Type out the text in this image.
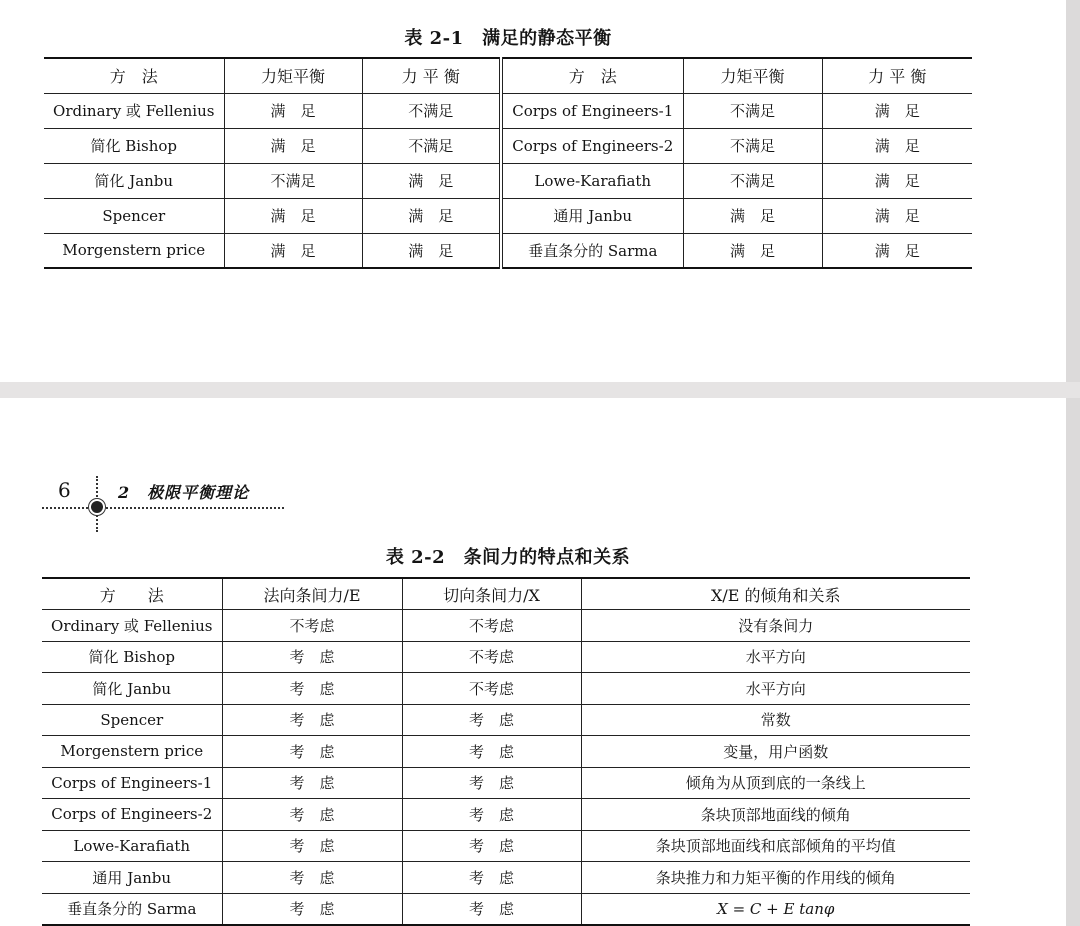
表 2-1　满足的静态平衡
方　法	力矩平衡	力 平 衡	方　法	力矩平衡	力 平 衡
Ordinary 或 Fellenius	满　足	不满足	Corps of Engineers-1	不满足	满　足
简化 Bishop	满　足	不满足	Corps of Engineers-2	不满足	满　足
简化 Janbu	不满足	满　足	Lowe-Karafiath	不满足	满　足
Spencer	满　足	满　足	通用 Janbu	满　足	满　足
Morgenstern price	满　足	满　足	垂直条分的 Sarma	满　足	满　足
6	2　极限平衡理论
表 2-2　条间力的特点和关系
方　　法	法向条间力/E	切向条间力/X	X/E 的倾角和关系
Ordinary 或 Fellenius	不考虑	不考虑	没有条间力
简化 Bishop	考　虑	不考虑	水平方向
简化 Janbu	考　虑	不考虑	水平方向
Spencer	考　虑	考　虑	常数
Morgenstern price	考　虑	考　虑	变量，用户函数
Corps of Engineers-1	考　虑	考　虑	倾角为从顶到底的一条线上
Corps of Engineers-2	考　虑	考　虑	条块顶部地面线的倾角
Lowe-Karafiath	考　虑	考　虑	条块顶部地面线和底部倾角的平均值
通用 Janbu	考　虑	考　虑	条块推力和力矩平衡的作用线的倾角
垂直条分的 Sarma	考　虑	考　虑	X = C + E tanφ
